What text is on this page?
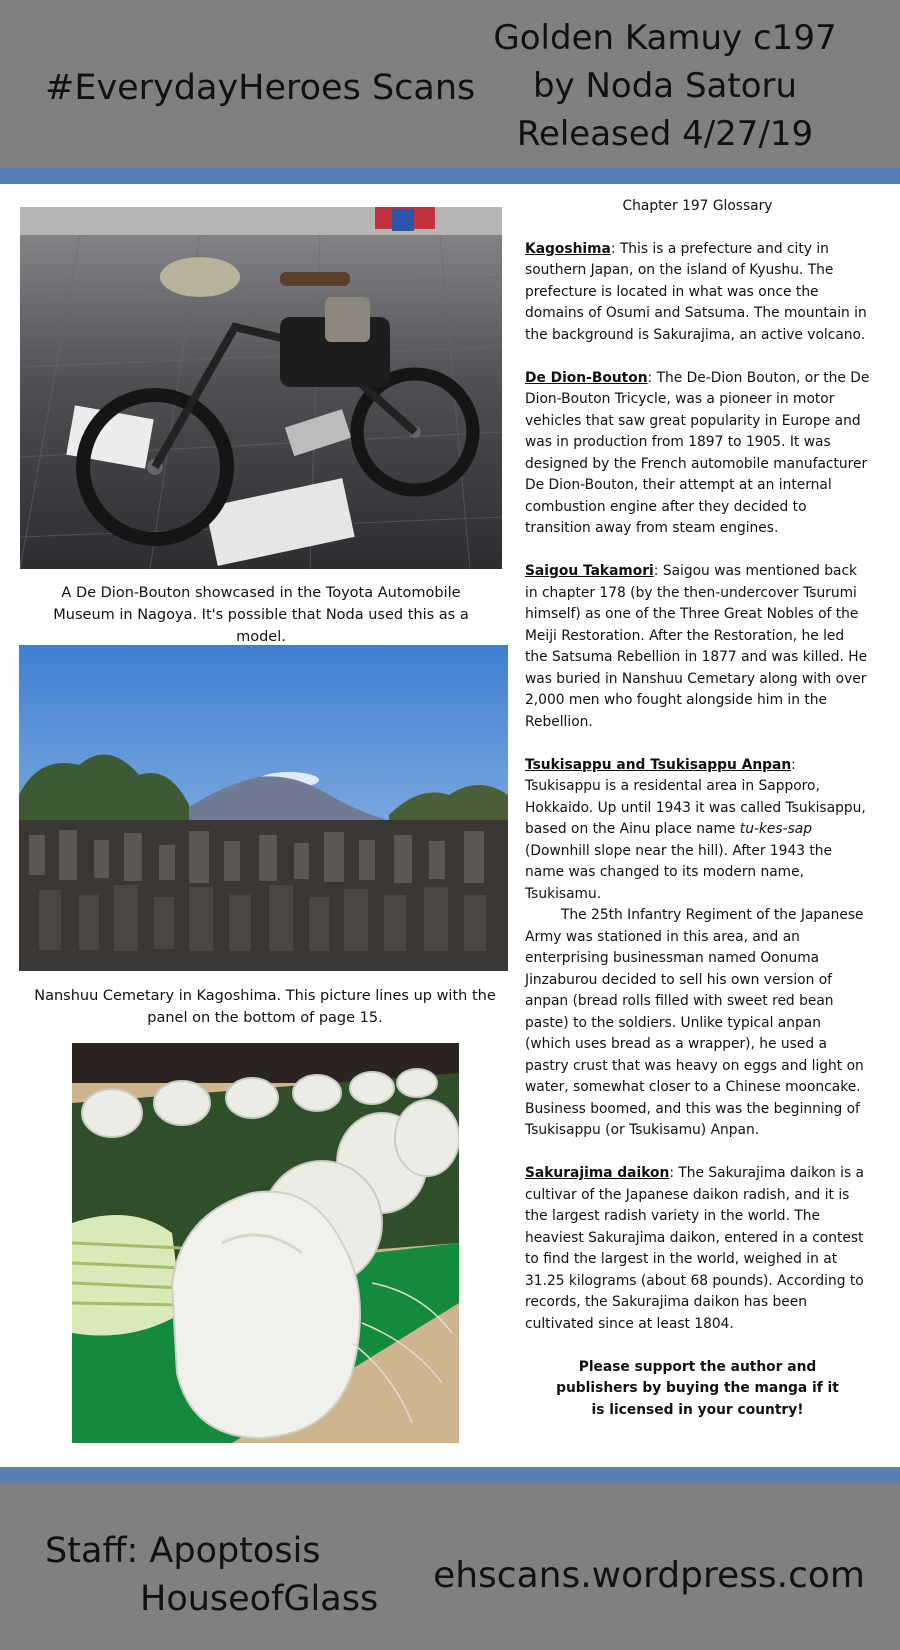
#EverydayHeroes Scans
Golden Kamuy c197
by Noda Satoru
Released 4/27/19
A De Dion-Bouton showcased in the Toyota Automobile Museum in Nagoya. It's possible that Noda used this as a model.
Nanshuu Cemetary in Kagoshima. This picture lines up with the panel on the bottom of page 15.
Chapter 197 Glossary

Kagoshima: This is a prefecture and city in southern Japan, on the island of Kyushu. The prefecture is located in what was once the domains of Osumi and Satsuma. The mountain in the background is Sakurajima, an active volcano.

De Dion-Bouton: The De-Dion Bouton, or the De Dion-Bouton Tricycle, was a pioneer in motor vehicles that saw great popularity in Europe and was in production from 1897 to 1905. It was designed by the French automobile manufacturer De Dion-Bouton, their attempt at an internal combustion engine after they decided to transition away from steam engines.

Saigou Takamori: Saigou was mentioned back in chapter 178 (by the then-undercover Tsurumi himself) as one of the Three Great Nobles of the Meiji Restoration. After the Restoration, he led the Satsuma Rebellion in 1877 and was killed. He was buried in Nanshuu Cemetary along with over 2,000 men who fought alongside him in the Rebellion.

Tsukisappu and Tsukisappu Anpan: Tsukisappu is a residental area in Sapporo, Hokkaido. Up until 1943 it was called Tsukisappu, based on the Ainu place name tu-kes-sap (Downhill slope near the hill). After 1943 the name was changed to its modern name, Tsukisamu.
The 25th Infantry Regiment of the Japanese Army was stationed in this area, and an enterprising businessman named Oonuma Jinzaburou decided to sell his own version of anpan (bread rolls filled with sweet red bean paste) to the soldiers. Unlike typical anpan (which uses bread as a wrapper), he used a pastry crust that was heavy on eggs and light on water, somewhat closer to a Chinese mooncake. Business boomed, and this was the beginning of Tsukisappu (or Tsukisamu) Anpan.

Sakurajima daikon: The Sakurajima daikon is a cultivar of the Japanese daikon radish, and it is the largest radish variety in the world. The heaviest Sakurajima daikon, entered in a contest to find the largest in the world, weighed in at 31.25 kilograms (about 68 pounds). According to records, the Sakurajima daikon has been cultivated since at least 1804.

Please support the author and publishers by buying the manga if it is licensed in your country!

Staff: Apoptosis
HouseofGlass
ehscans.wordpress.com
